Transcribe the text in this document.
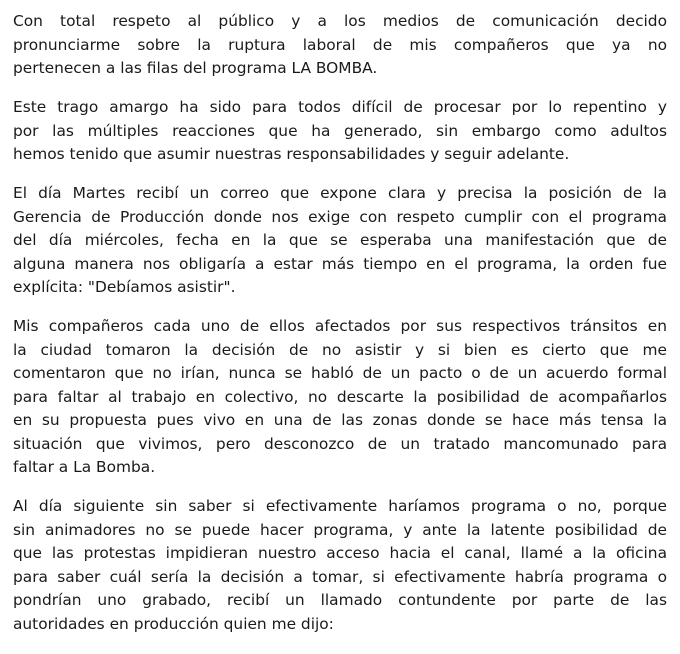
Con total respeto al público y a los medios de comunicación decido
pronunciarme sobre la ruptura laboral de mis compañeros que ya no
pertenecen a las filas del programa LA BOMBA.
Este trago amargo ha sido para todos difícil de procesar por lo repentino y
por las múltiples reacciones que ha generado, sin embargo como adultos
hemos tenido que asumir nuestras responsabilidades y seguir adelante.
El día Martes recibí un correo que expone clara y precisa la posición de la
Gerencia de Producción donde nos exige con respeto cumplir con el programa
del día miércoles, fecha en la que se esperaba una manifestación que de
alguna manera nos obligaría a estar más tiempo en el programa, la orden fue
explícita: "Debíamos asistir".
Mis compañeros cada uno de ellos afectados por sus respectivos tránsitos en
la ciudad tomaron la decisión de no asistir y si bien es cierto que me
comentaron que no irían, nunca se habló de un pacto o de un acuerdo formal
para faltar al trabajo en colectivo, no descarte la posibilidad de acompañarlos
en su propuesta pues vivo en una de las zonas donde se hace más tensa la
situación que vivimos, pero desconozco de un tratado mancomunado para
faltar a La Bomba.
Al día siguiente sin saber si efectivamente haríamos programa o no, porque
sin animadores no se puede hacer programa, y ante la latente posibilidad de
que las protestas impidieran nuestro acceso hacia el canal, llamé a la oficina
para saber cuál sería la decisión a tomar, si efectivamente habría programa o
pondrían uno grabado, recibí un llamado contundente por parte de las
autoridades en producción quien me dijo:
